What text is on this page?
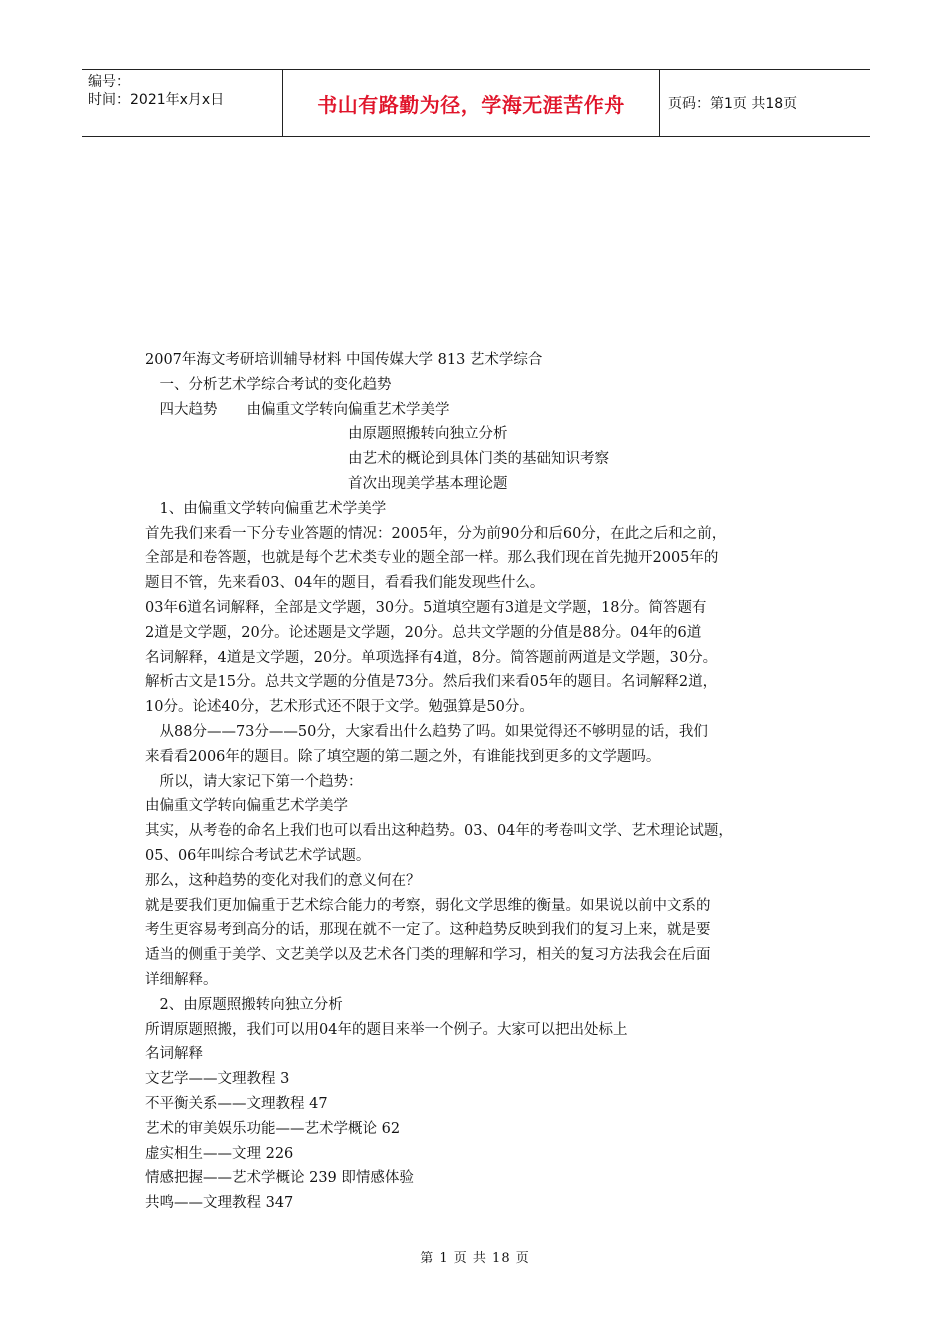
编号：
时间：2021年x月x日	书山有路勤为径，学海无涯苦作舟	页码：第1页 共18页
2007年海文考研培训辅导材料 中国传媒大学 813 艺术学综合
　一、分析艺术学综合考试的变化趋势
　四大趋势　　由偏重文学转向偏重艺术学美学
　　　　　　　　　　　　　　由原题照搬转向独立分析
　　　　　　　　　　　　　　由艺术的概论到具体门类的基础知识考察
　　　　　　　　　　　　　　首次出现美学基本理论题
　1、由偏重文学转向偏重艺术学美学
首先我们来看一下分专业答题的情况：2005年，分为前90分和后60分，在此之后和之前，
全部是和卷答题，也就是每个艺术类专业的题全部一样。那么我们现在首先抛开2005年的
题目不管，先来看03、04年的题目，看看我们能发现些什么。
03年6道名词解释，全部是文学题，30分。5道填空题有3道是文学题，18分。简答题有
2道是文学题，20分。论述题是文学题，20分。总共文学题的分值是88分。04年的6道
名词解释，4道是文学题，20分。单项选择有4道，8分。简答题前两道是文学题，30分。
解析古文是15分。总共文学题的分值是73分。然后我们来看05年的题目。名词解释2道，
10分。论述40分，艺术形式还不限于文学。勉强算是50分。
　从88分——73分——50分，大家看出什么趋势了吗。如果觉得还不够明显的话，我们
来看看2006年的题目。除了填空题的第二题之外，有谁能找到更多的文学题吗。
　所以，请大家记下第一个趋势：
由偏重文学转向偏重艺术学美学
其实，从考卷的命名上我们也可以看出这种趋势。03、04年的考卷叫文学、艺术理论试题，
05、06年叫综合考试艺术学试题。
那么，这种趋势的变化对我们的意义何在？
就是要我们更加偏重于艺术综合能力的考察，弱化文学思维的衡量。如果说以前中文系的
考生更容易考到高分的话，那现在就不一定了。这种趋势反映到我们的复习上来，就是要
适当的侧重于美学、文艺美学以及艺术各门类的理解和学习，相关的复习方法我会在后面
详细解释。
　2、由原题照搬转向独立分析
所谓原题照搬，我们可以用04年的题目来举一个例子。大家可以把出处标上
名词解释
文艺学——文理教程 3
不平衡关系——文理教程 47
艺术的审美娱乐功能——艺术学概论 62
虚实相生——文理 226
情感把握——艺术学概论 239 即情感体验
共鸣——文理教程 347
第 1 页 共 18 页
